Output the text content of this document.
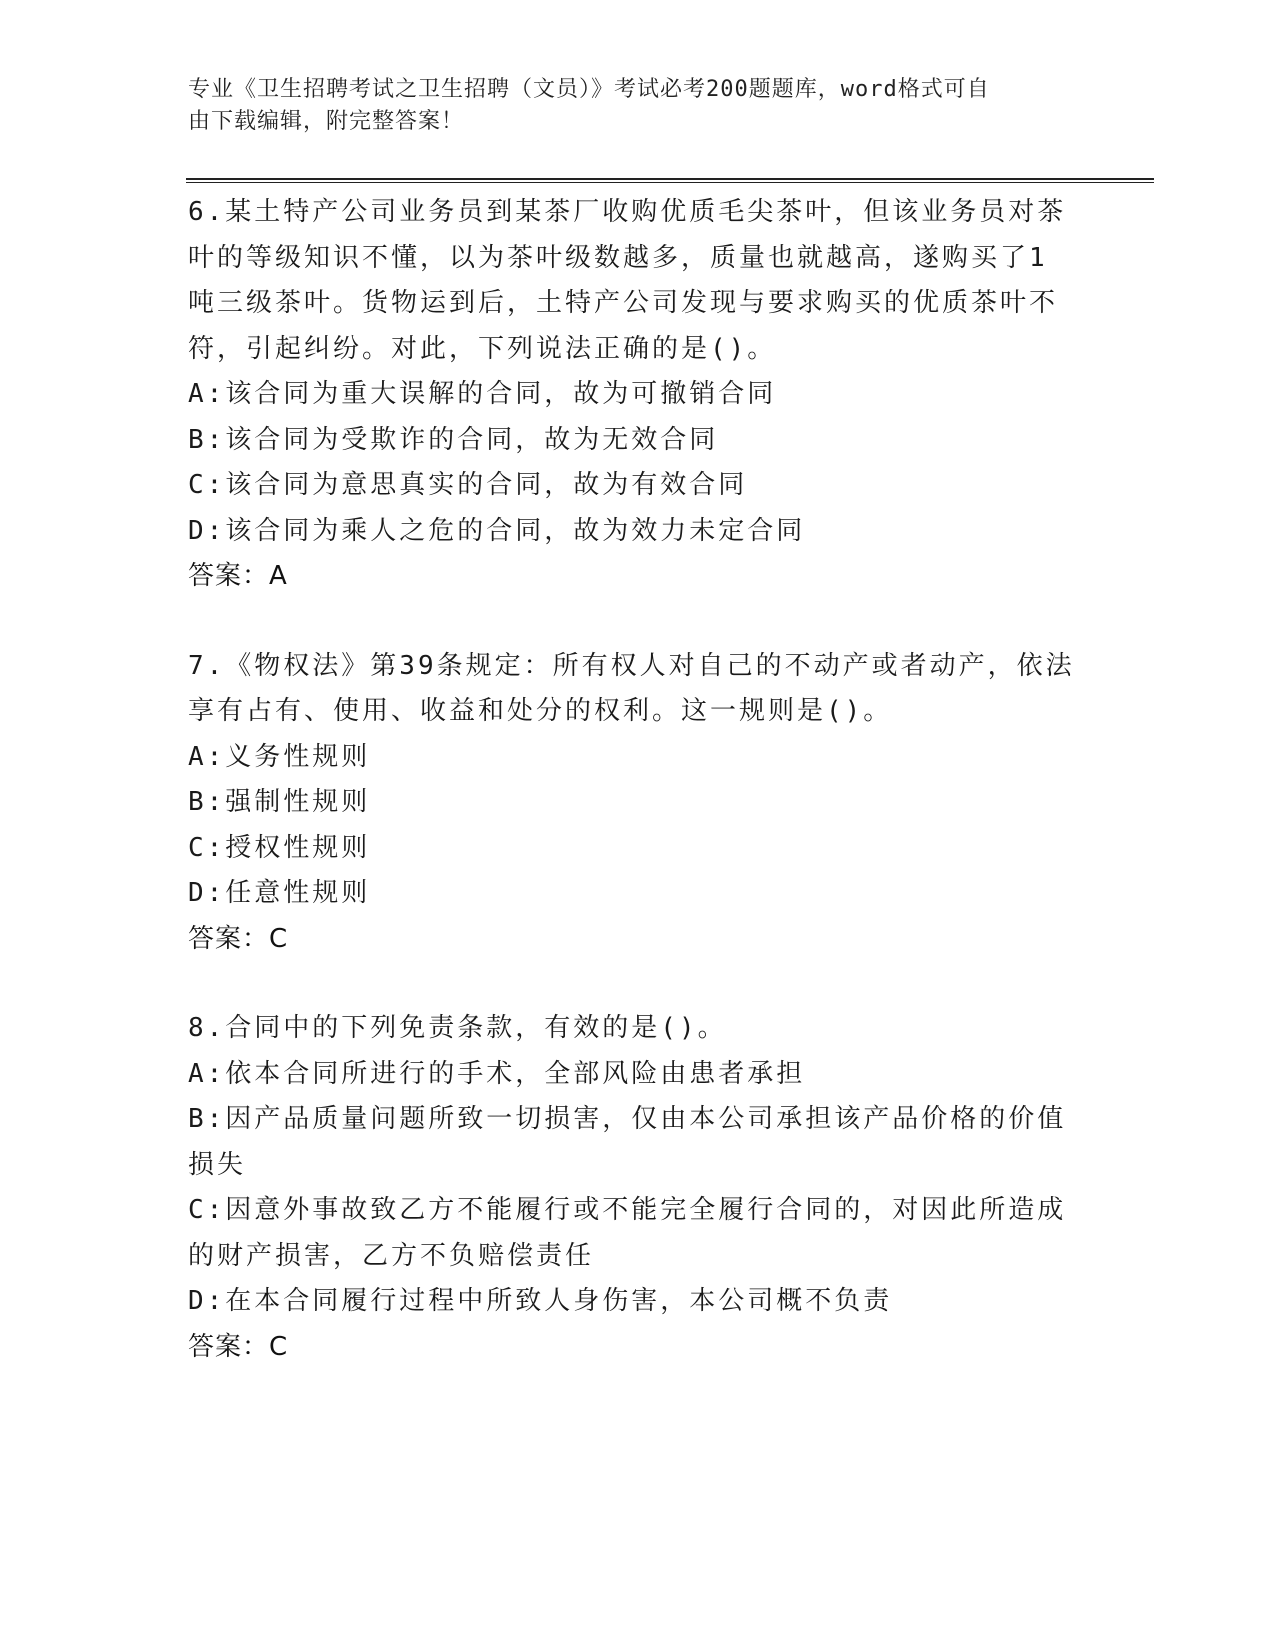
专业《卫生招聘考试之卫生招聘（文员）》考试必考200题题库，word格式可自
由下载编辑，附完整答案！
6.某土特产公司业务员到某茶厂收购优质毛尖茶叶，但该业务员对茶
叶的等级知识不懂，以为茶叶级数越多，质量也就越高，遂购买了1
吨三级茶叶。货物运到后，土特产公司发现与要求购买的优质茶叶不
符，引起纠纷。对此，下列说法正确的是()。
A:该合同为重大误解的合同，故为可撤销合同
B:该合同为受欺诈的合同，故为无效合同
C:该合同为意思真实的合同，故为有效合同
D:该合同为乘人之危的合同，故为效力未定合同
答案：A
7.《物权法》第39条规定：所有权人对自己的不动产或者动产，依法
享有占有、使用、收益和处分的权利。这一规则是()。
A:义务性规则
B:强制性规则
C:授权性规则
D:任意性规则
答案：C
8.合同中的下列免责条款，有效的是()。
A:依本合同所进行的手术，全部风险由患者承担
B:因产品质量问题所致一切损害，仅由本公司承担该产品价格的价值
损失
C:因意外事故致乙方不能履行或不能完全履行合同的，对因此所造成
的财产损害，乙方不负赔偿责任
D:在本合同履行过程中所致人身伤害，本公司概不负责
答案：C
